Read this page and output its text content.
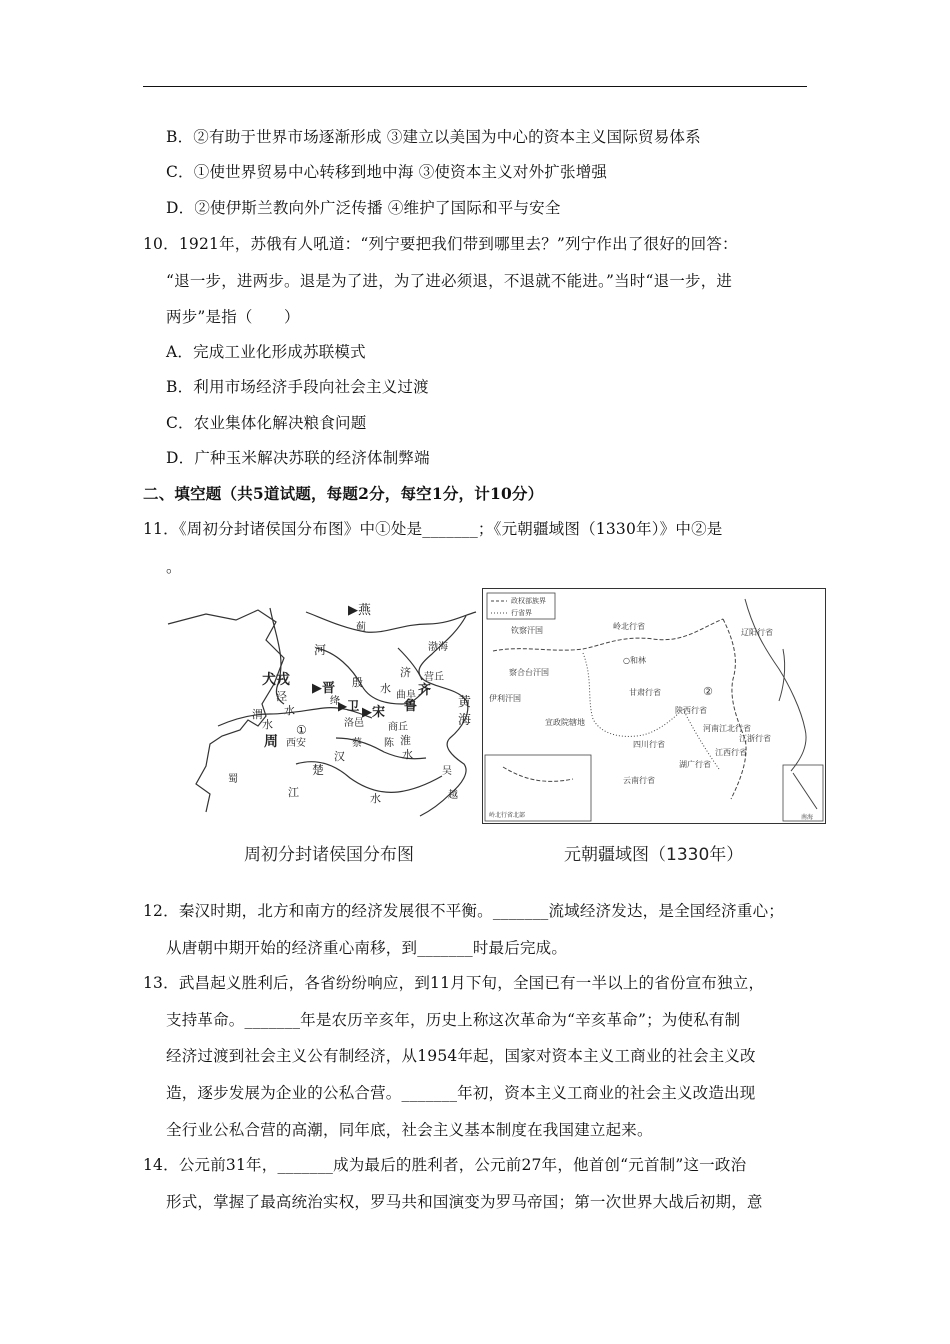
B．②有助于世界市场逐渐形成 ③建立以美国为中心的资本主义国际贸易体系
C．①使世界贸易中心转移到地中海 ③使资本主义对外扩张增强
D．②使伊斯兰教向外广泛传播 ④维护了国际和平与安全
10．1921年，苏俄有人吼道：“列宁要把我们带到哪里去？”列宁作出了很好的回答：
“退一步，进两步。退是为了进，为了进必须退，不退就不能进。”当时“退一步，进
两步”是指（　　）
A．完成工业化形成苏联模式
B．利用市场经济手段向社会主义过渡
C．农业集体化解决粮食问题
D．广种玉米解决苏联的经济体制弊端
二、填空题（共5道试题，每题2分，每空1分，计10分）
11．《周初分封诸侯国分布图》中①处是_______；《元朝疆域图（1330年）》中②是
。
▶燕
蓟
河	渤海
犬戎
▶晋
绛
殷
▶卫 ▶宋 鲁
齐
营丘
曲阜
济
水
泾
水
渭
水
周 西安
洛邑 商丘
蔡 陈 淮
水
黄
海
蜀
楚
汉
江	水
吴
越
①
政权部族界
行省界
钦察汗国	岭北行省
辽阳行省
○和林
察合台汗国
伊利汗国
甘肃行省
陕西行省
河南江北行省
宣政院辖地
四川行省
湖广行省
江西行省
江浙行省
云南行省
②
岭北行省北部	南海
周初分封诸侯国分布图	元朝疆域图（1330年）
12．秦汉时期，北方和南方的经济发展很不平衡。_______流域经济发达，是全国经济重心；
从唐朝中期开始的经济重心南移，到_______时最后完成。
13．武昌起义胜利后，各省纷纷响应，到11月下旬，全国已有一半以上的省份宣布独立，
支持革命。_______年是农历辛亥年，历史上称这次革命为“辛亥革命”；为使私有制
经济过渡到社会主义公有制经济，从1954年起，国家对资本主义工商业的社会主义改
造，逐步发展为企业的公私合营。_______年初，资本主义工商业的社会主义改造出现
全行业公私合营的高潮，同年底，社会主义基本制度在我国建立起来。
14．公元前31年，_______成为最后的胜利者，公元前27年，他首创“元首制”这一政治
形式，掌握了最高统治实权，罗马共和国演变为罗马帝国；第一次世界大战后初期，意
